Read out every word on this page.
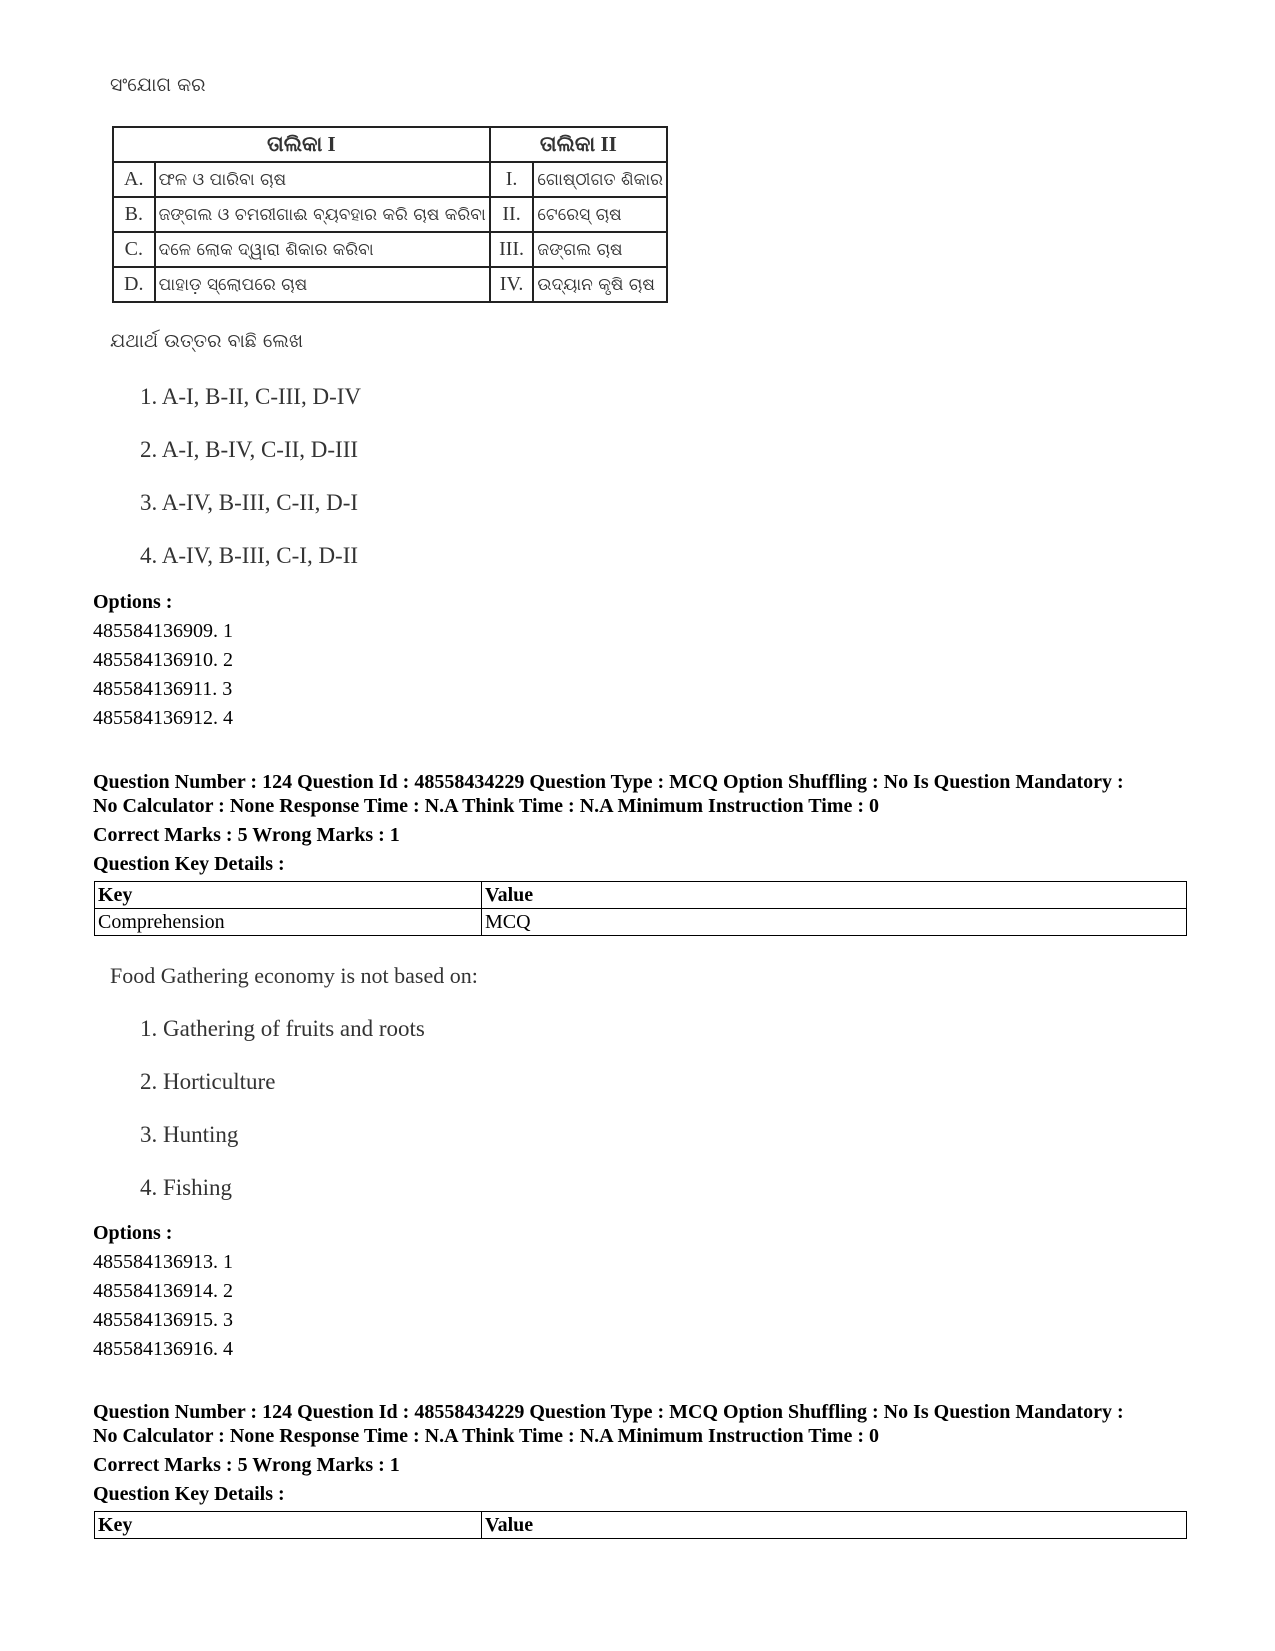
ସଂଯୋଗ କର
ତାଲିକା I		ତାଲିକା II	
A.	ଫଳ ଓ ପାରିବା ଚାଷ	I.	ଗୋଷ୍ଠୀଗତ ଶିକାର
B.	ଜଙ୍ଗଲ ଓ ଚମରୀଗାଈ ବ୍ୟବହାର କରି ଚାଷ କରିବା	II.	ଟେରେସ୍ ଚାଷ
C.	ଦଳେ ଲୋକ ଦ୍ୱାରା ଶିକାର କରିବା	III.	ଜଙ୍ଗଲ ଚାଷ
D.	ପାହାଡ଼ ସ୍ଲୋପରେ ଚାଷ	IV.	ଉଦ୍ୟାନ କୃଷି ଚାଷ
ଯଥାର୍ଥ ଉତ୍ତର ବାଛି ଲେଖ
1. A-I, B-II, C-III, D-IV
2. A-I, B-IV, C-II, D-III
3. A-IV, B-III, C-II, D-I
4. A-IV, B-III, C-I, D-II
Options :
485584136909. 1
485584136910. 2
485584136911. 3
485584136912. 4
Question Number : 124 Question Id : 48558434229 Question Type : MCQ Option Shuffling : No Is Question Mandatory :
No Calculator : None Response Time : N.A Think Time : N.A Minimum Instruction Time : 0
Correct Marks : 5 Wrong Marks : 1
Question Key Details :
Key	Value
Comprehension	MCQ
Food Gathering economy is not based on:
1. Gathering of fruits and roots
2. Horticulture
3. Hunting
4. Fishing
Options :
485584136913. 1
485584136914. 2
485584136915. 3
485584136916. 4
Question Number : 124 Question Id : 48558434229 Question Type : MCQ Option Shuffling : No Is Question Mandatory :
No Calculator : None Response Time : N.A Think Time : N.A Minimum Instruction Time : 0
Correct Marks : 5 Wrong Marks : 1
Question Key Details :
Key	Value
